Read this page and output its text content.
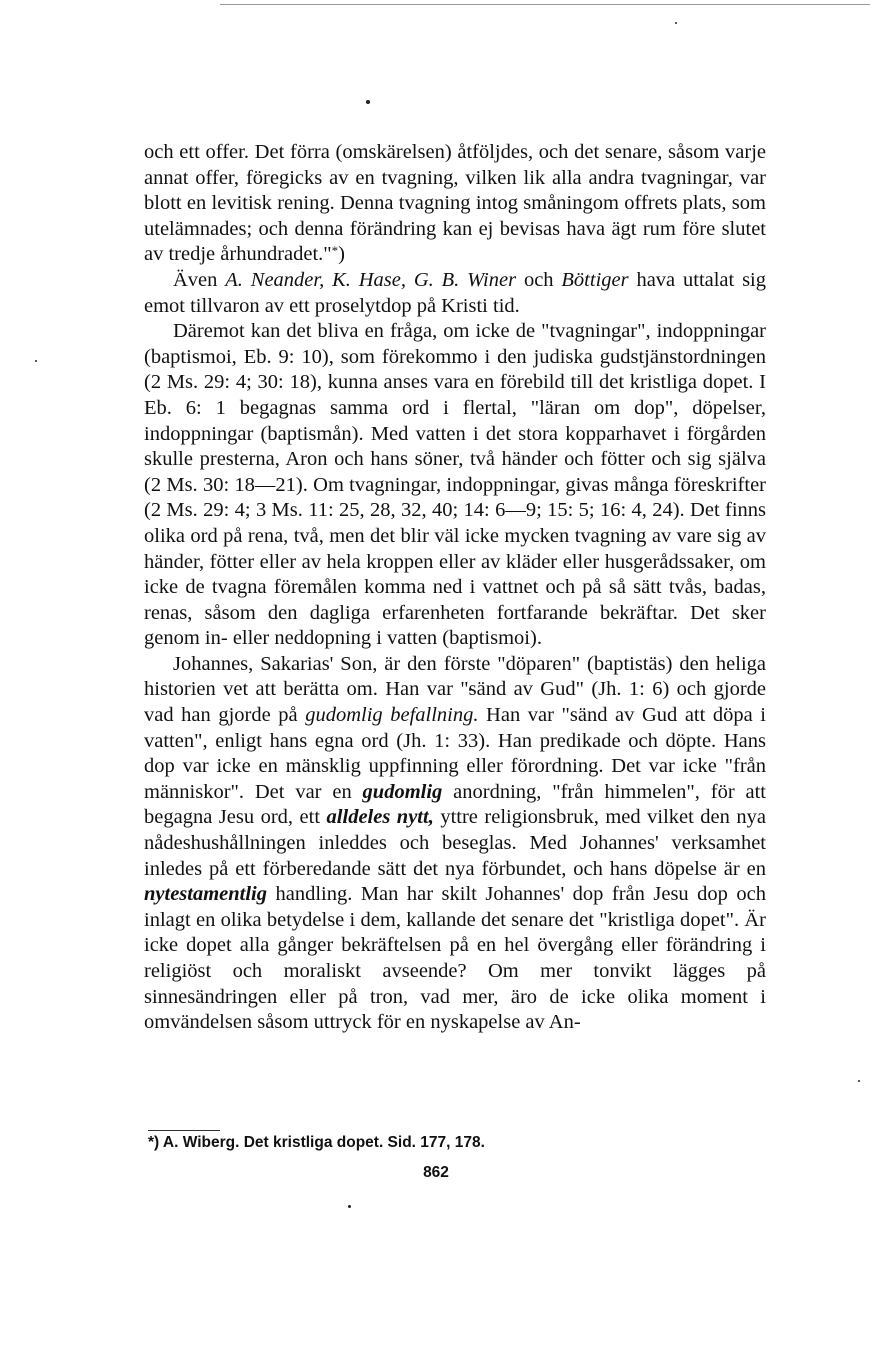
och ett offer. Det förra (omskärelsen) åtföljdes, och det senare, såsom varje annat offer, föregicks av en tvagning, vilken lik alla andra tvagningar, var blott en levitisk rening. Denna tvagning intog småningom offrets plats, som utelämnades; och denna förändring kan ej bevisas hava ägt rum före slutet av tredje århundradet."*)

Även A. Neander, K. Hase, G. B. Winer och Böttiger hava uttalat sig emot tillvaron av ett proselytdop på Kristi tid.

Däremot kan det bliva en fråga, om icke de "tvagningar", indoppningar (baptismoi, Eb. 9: 10), som förekommo i den judiska gudstjänstordningen (2 Ms. 29: 4; 30: 18), kunna anses vara en förebild till det kristliga dopet. I Eb. 6: 1 begagnas samma ord i flertal, "läran om dop", döpelser, indoppningar (baptismån). Med vatten i det stora kopparhavet i förgården skulle presterna, Aron och hans söner, två händer och fötter och sig själva (2 Ms. 30: 18—21). Om tvagningar, indoppningar, givas många föreskrifter (2 Ms. 29: 4; 3 Ms. 11: 25, 28, 32, 40; 14: 6—9; 15: 5; 16: 4, 24). Det finns olika ord på rena, två, men det blir väl icke mycken tvagning av vare sig av händer, fötter eller av hela kroppen eller av kläder eller husgerådssaker, om icke de tvagna föremålen komma ned i vattnet och på så sätt tvås, badas, renas, såsom den dagliga erfarenheten fortfarande bekräftar. Det sker genom in- eller neddopning i vatten (baptismoi).

Johannes, Sakarias' Son, är den förste "döparen" (baptistäs) den heliga historien vet att berätta om. Han var "sänd av Gud" (Jh. 1: 6) och gjorde vad han gjorde på gudomlig befallning. Han var "sänd av Gud att döpa i vatten", enligt hans egna ord (Jh. 1: 33). Han predikade och döpte. Hans dop var icke en mänsklig uppfinning eller förordning. Det var icke "från människor". Det var en gudomlig anordning, "från himmelen", för att begagna Jesu ord, ett alldeles nytt, yttre religionsbruk, med vilket den nya nådeshushållningen inleddes och beseglas. Med Johannes' verksamhet inledes på ett förberedande sätt det nya förbundet, och hans döpelse är en nytestamentlig handling. Man har skilt Johannes' dop från Jesu dop och inlagt en olika betydelse i dem, kallande det senare det "kristliga dopet". Är icke dopet alla gånger bekräftelsen på en hel övergång eller förändring i religiöst och moraliskt avseende? Om mer tonvikt lägges på sinnesändringen eller på tron, vad mer, äro de icke olika moment i omvändelsen såsom uttryck för en nyskapelse av An-

*) A. Wiberg. Det kristliga dopet. Sid. 177, 178.

862
